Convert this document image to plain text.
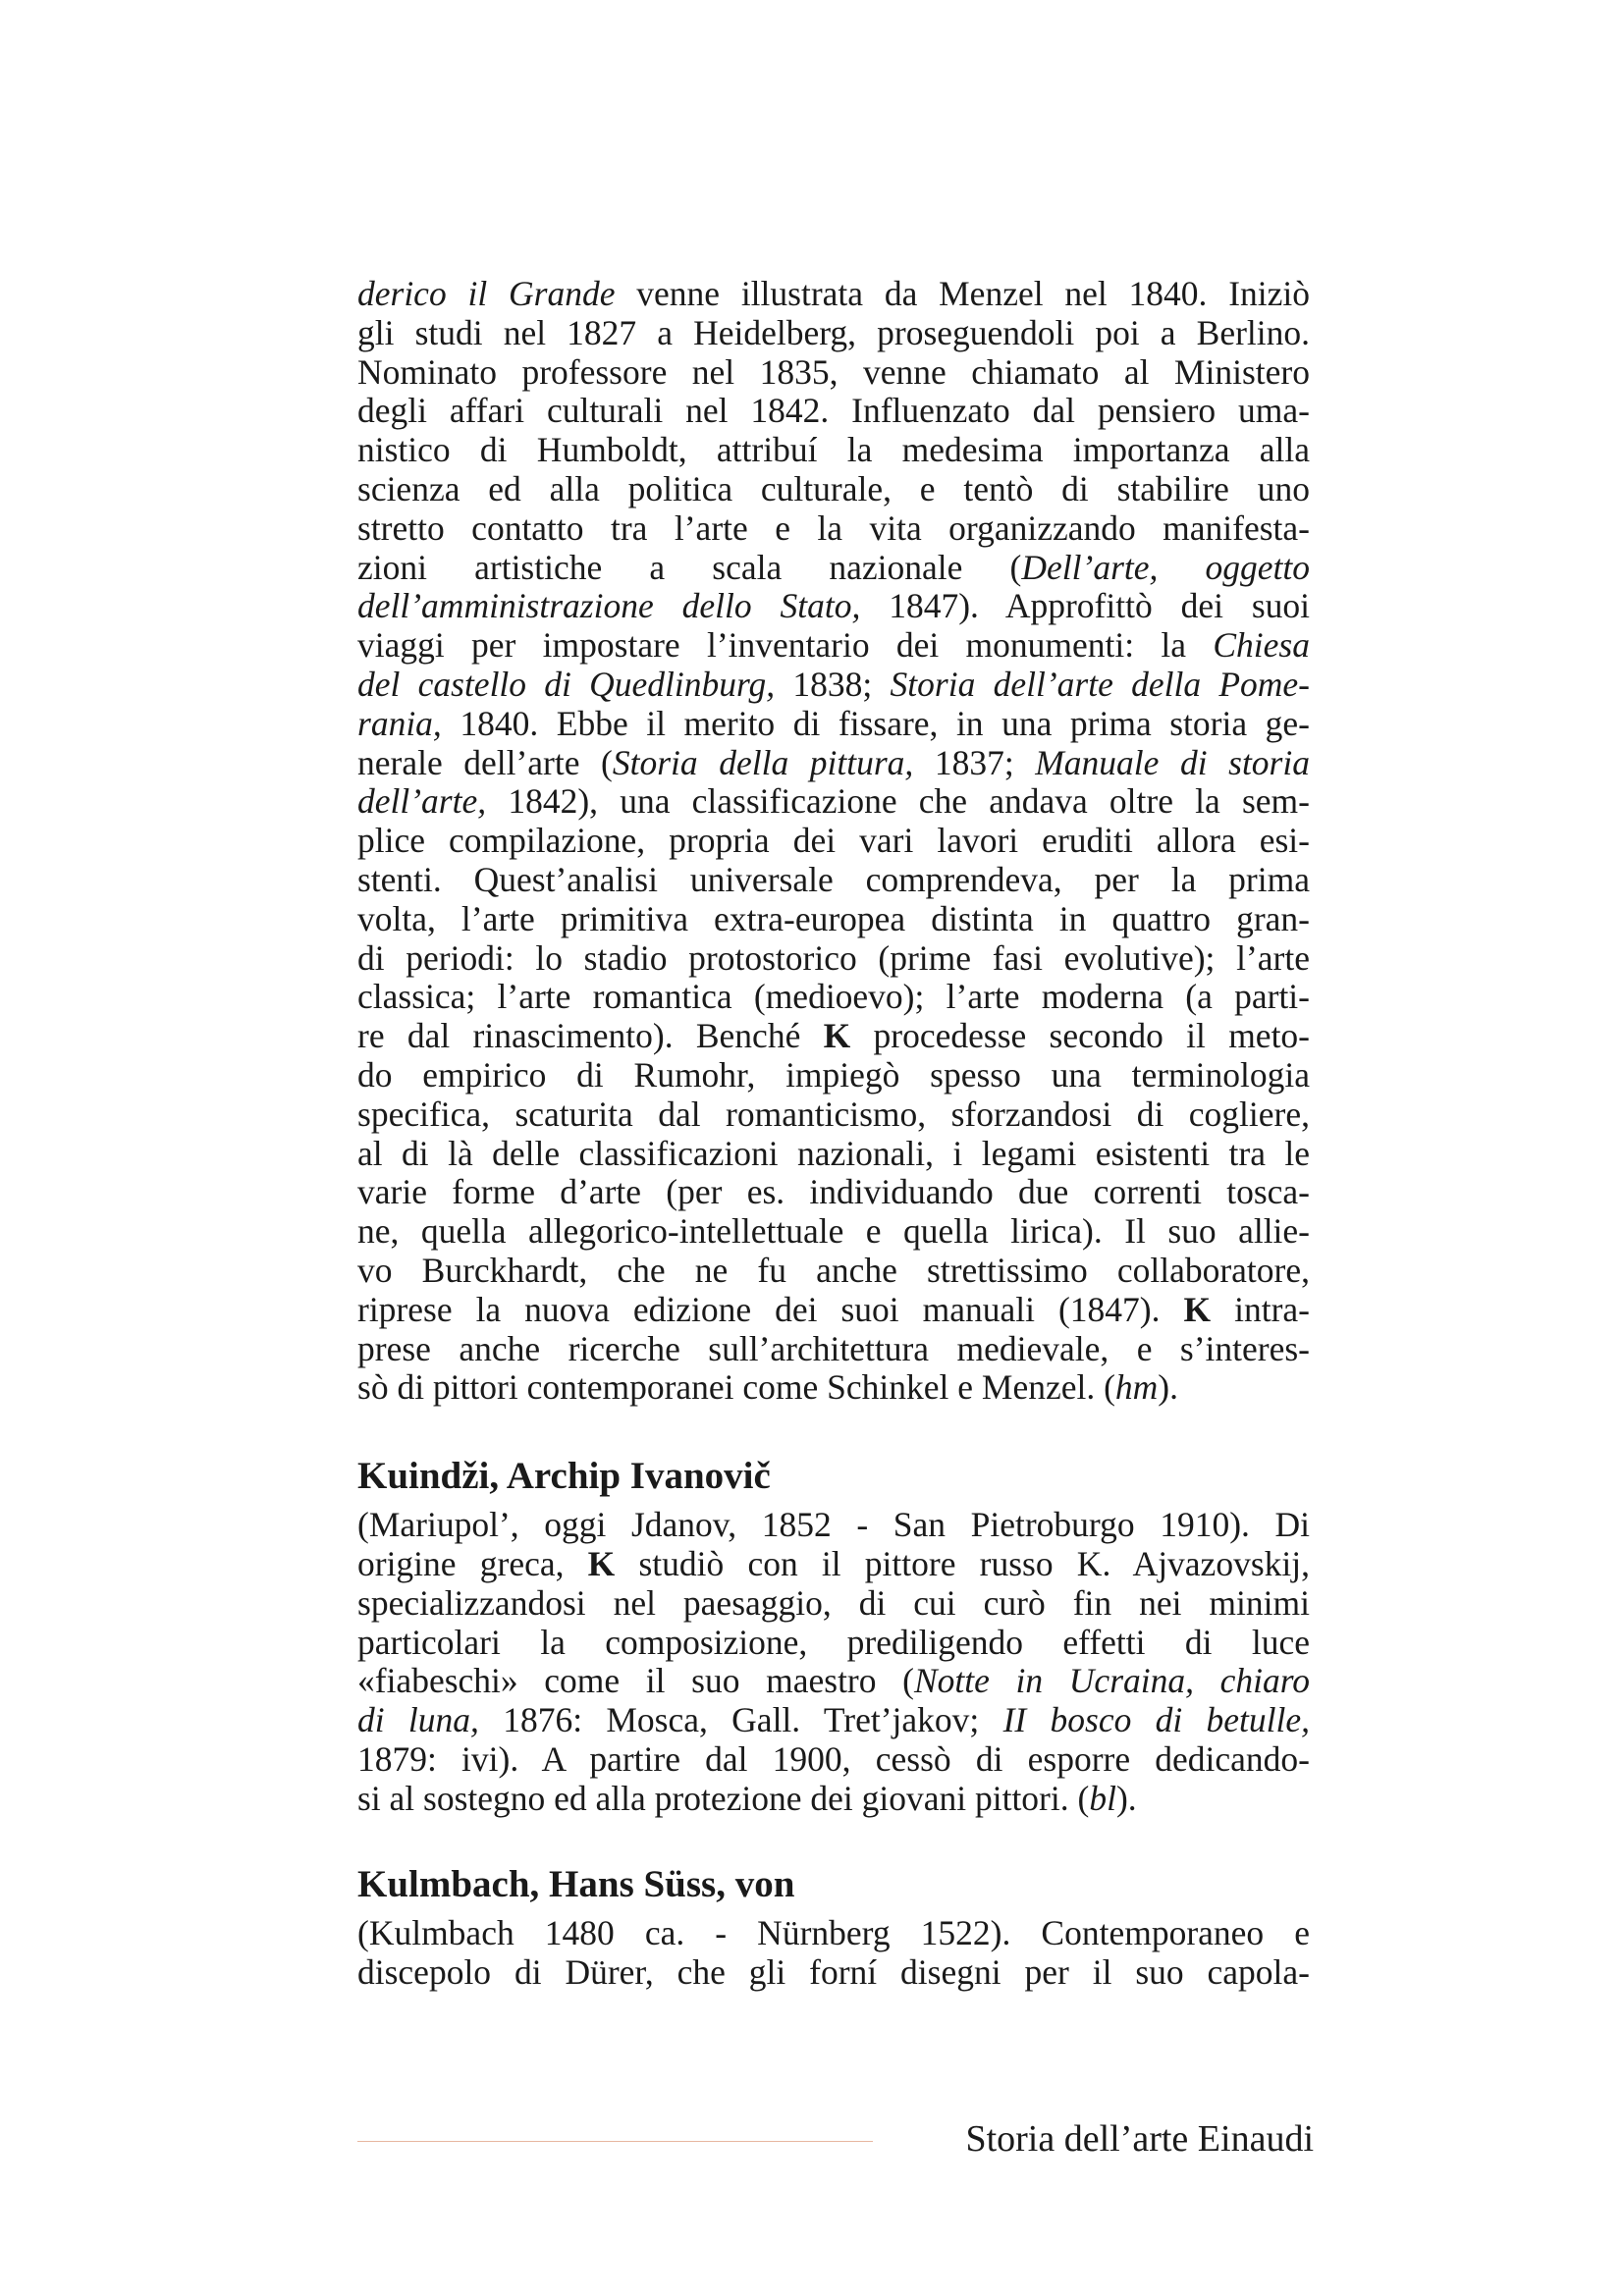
derico il Grande venne illustrata da Menzel nel 1840. Iniziò
gli studi nel 1827 a Heidelberg, proseguendoli poi a Berlino.
Nominato professore nel 1835, venne chiamato al Ministero
degli affari culturali nel 1842. Influenzato dal pensiero uma-
nistico di Humboldt, attribuí la medesima importanza alla
scienza ed alla politica culturale, e tentò di stabilire uno
stretto contatto tra l’arte e la vita organizzando manifesta-
zioni artistiche a scala nazionale (Dell’arte, oggetto
dell’amministrazione dello Stato, 1847). Approfittò dei suoi
viaggi per impostare l’inventario dei monumenti: la Chiesa
del castello di Quedlinburg, 1838; Storia dell’arte della Pome-
rania, 1840. Ebbe il merito di fissare, in una prima storia ge-
nerale dell’arte (Storia della pittura, 1837; Manuale di storia
dell’arte, 1842), una classificazione che andava oltre la sem-
plice compilazione, propria dei vari lavori eruditi allora esi-
stenti. Quest’analisi universale comprendeva, per la prima
volta, l’arte primitiva extra-europea distinta in quattro gran-
di periodi: lo stadio protostorico (prime fasi evolutive); l’arte
classica; l’arte romantica (medioevo); l’arte moderna (a parti-
re dal rinascimento). Benché K procedesse secondo il meto-
do empirico di Rumohr, impiegò spesso una terminologia
specifica, scaturita dal romanticismo, sforzandosi di cogliere,
al di là delle classificazioni nazionali, i legami esistenti tra le
varie forme d’arte (per es. individuando due correnti tosca-
ne, quella allegorico-intellettuale e quella lirica). Il suo allie-
vo Burckhardt, che ne fu anche strettissimo collaboratore,
riprese la nuova edizione dei suoi manuali (1847). K intra-
prese anche ricerche sull’architettura medievale, e s’interes-
sò di pittori contemporanei come Schinkel e Menzel. (hm).

Kuindži, Archip Ivanovič

(Mariupol’, oggi Jdanov, 1852 - San Pietroburgo 1910). Di
origine greca, K studiò con il pittore russo K. Ajvazovskij,
specializzandosi nel paesaggio, di cui curò fin nei minimi
particolari la composizione, prediligendo effetti di luce
«fiabeschi» come il suo maestro (Notte in Ucraina, chiaro
di luna, 1876: Mosca, Gall. Tret’jakov; II bosco di betulle,
1879: ivi). A partire dal 1900, cessò di esporre dedicando-
si al sostegno ed alla protezione dei giovani pittori. (bl).

Kulmbach, Hans Süss, von

(Kulmbach 1480 ca. - Nürnberg 1522). Contemporaneo e
discepolo di Dürer, che gli forní disegni per il suo capola-

Storia dell’arte Einaudi
